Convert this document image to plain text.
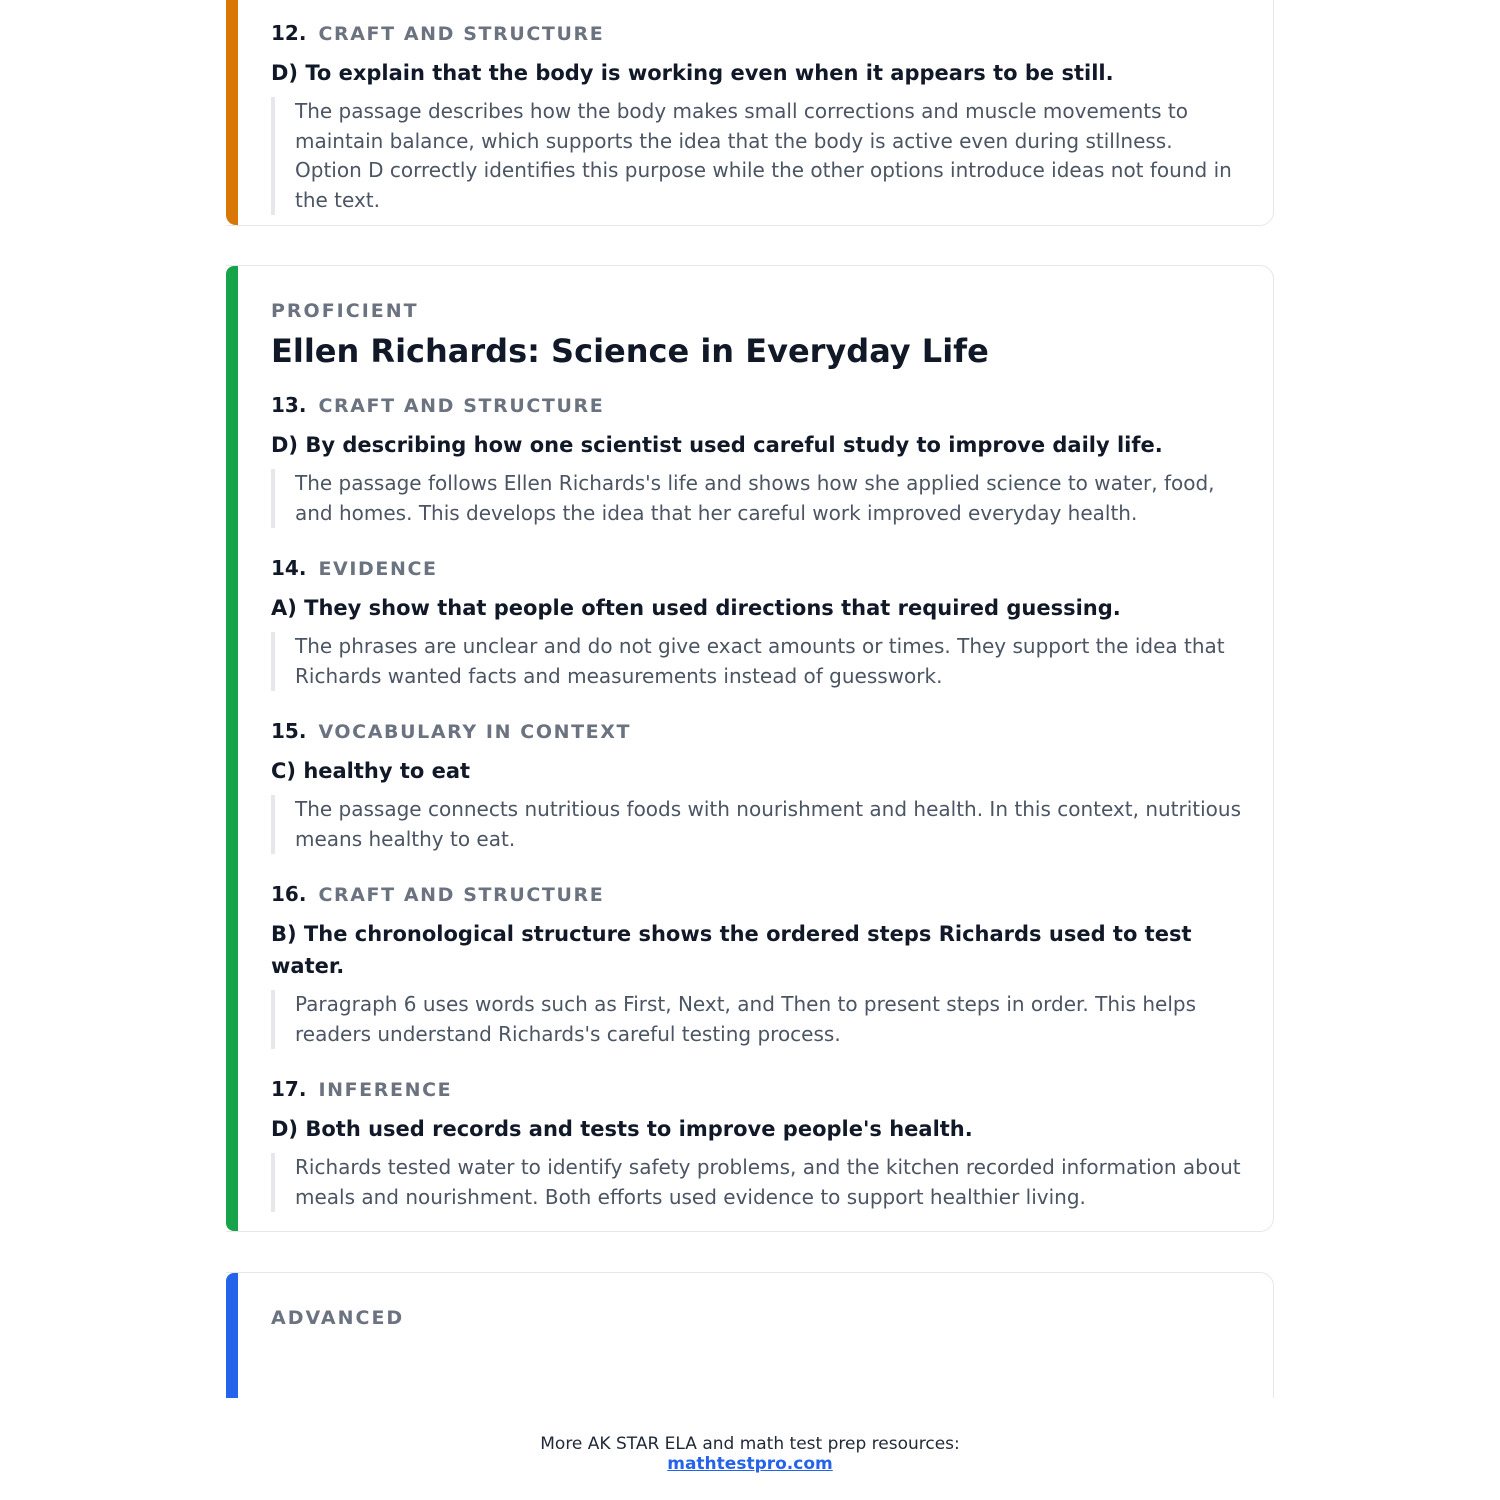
12. CRAFT AND STRUCTURE
D) To explain that the body is working even when it appears to be still.
The passage describes how the body makes small corrections and muscle movements to maintain balance, which supports the idea that the body is active even during stillness. Option D correctly identifies this purpose while the other options introduce ideas not found in the text.
PROFICIENT
Ellen Richards: Science in Everyday Life
13. CRAFT AND STRUCTURE
D) By describing how one scientist used careful study to improve daily life.
The passage follows Ellen Richards's life and shows how she applied science to water, food, and homes. This develops the idea that her careful work improved everyday health.
14. EVIDENCE
A) They show that people often used directions that required guessing.
The phrases are unclear and do not give exact amounts or times. They support the idea that Richards wanted facts and measurements instead of guesswork.
15. VOCABULARY IN CONTEXT
C) healthy to eat
The passage connects nutritious foods with nourishment and health. In this context, nutritious means healthy to eat.
16. CRAFT AND STRUCTURE
B) The chronological structure shows the ordered steps Richards used to test water.
Paragraph 6 uses words such as First, Next, and Then to present steps in order. This helps readers understand Richards's careful testing process.
17. INFERENCE
D) Both used records and tests to improve people's health.
Richards tested water to identify safety problems, and the kitchen recorded information about meals and nourishment. Both efforts used evidence to support healthier living.
ADVANCED
More AK STAR ELA and math test prep resources:
mathtestpro.com
